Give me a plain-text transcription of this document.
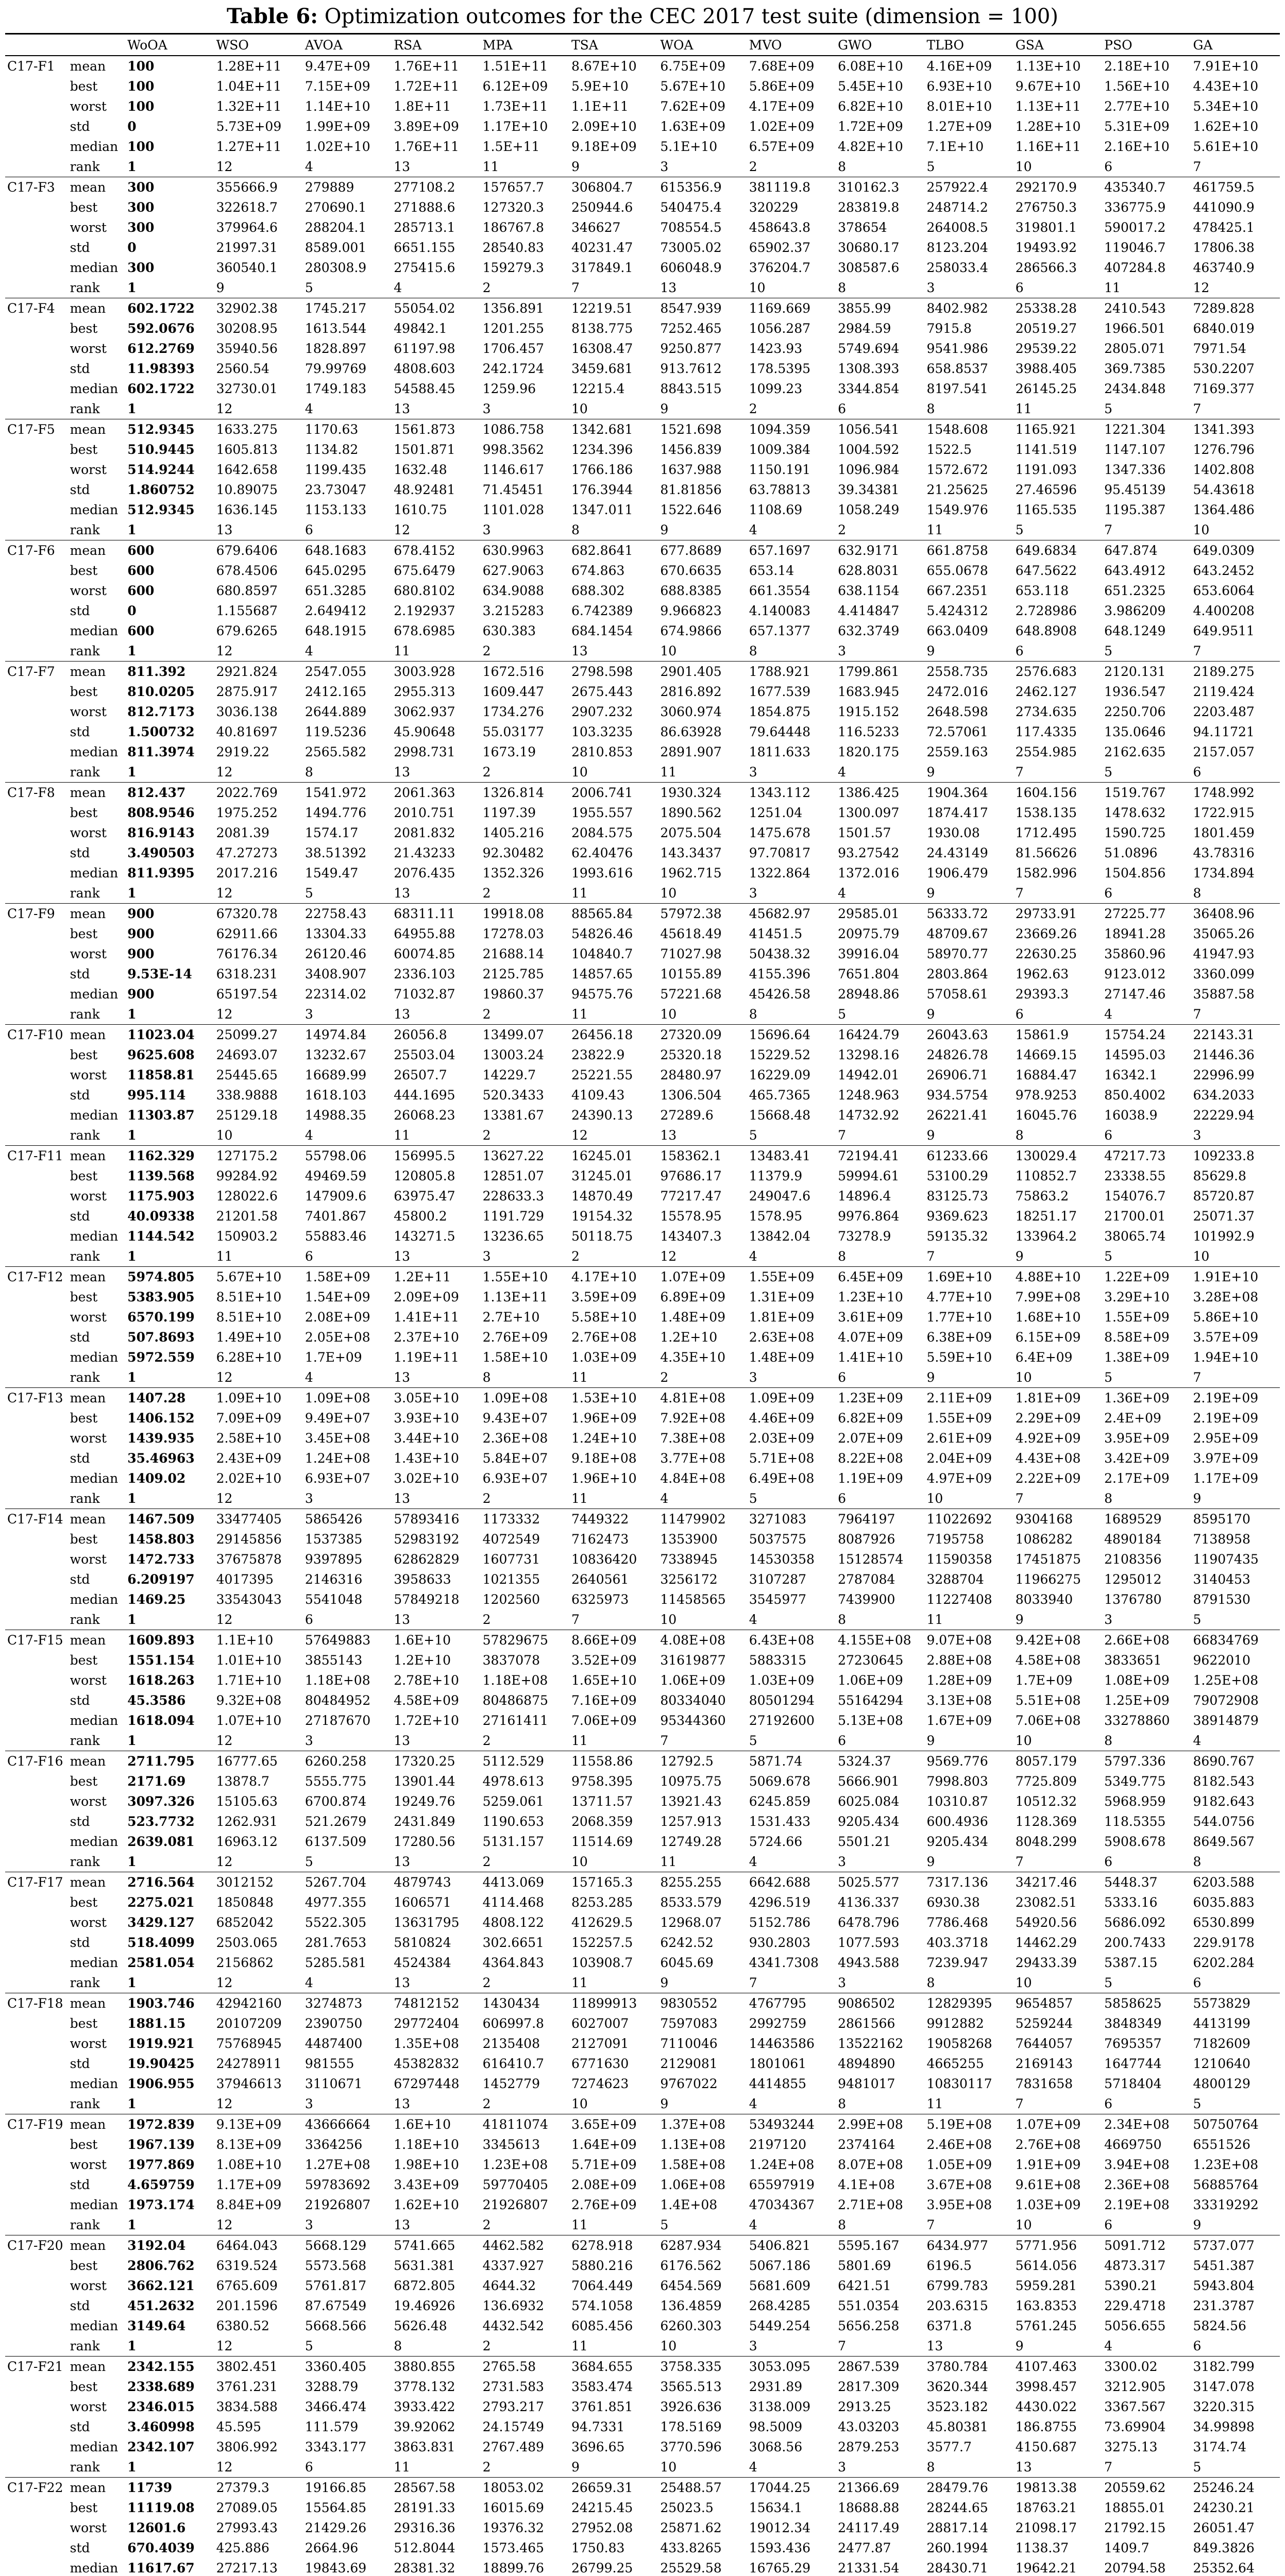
Table 6: Optimization outcomes for the CEC 2017 test suite (dimension = 100)
		WoOA	WSO	AVOA	RSA	MPA	TSA	WOA	MVO	GWO	TLBO	GSA	PSO	GA
C17-F1	mean	100	1.28E+11	9.47E+09	1.76E+11	1.51E+11	8.67E+10	6.75E+09	7.68E+09	6.08E+10	4.16E+09	1.13E+10	2.18E+10	7.91E+10
	best	100	1.04E+11	7.15E+09	1.72E+11	6.12E+09	5.9E+10	5.67E+10	5.86E+09	5.45E+10	6.93E+10	9.67E+10	1.56E+10	4.43E+10
	worst	100	1.32E+11	1.14E+10	1.8E+11	1.73E+11	1.1E+11	7.62E+09	4.17E+09	6.82E+10	8.01E+10	1.13E+11	2.77E+10	5.34E+10
	std	0	5.73E+09	1.99E+09	3.89E+09	1.17E+10	2.09E+10	1.63E+09	1.02E+09	1.72E+09	1.27E+09	1.28E+10	5.31E+09	1.62E+10
	median	100	1.27E+11	1.02E+10	1.76E+11	1.5E+11	9.18E+09	5.1E+10	6.57E+09	4.82E+10	7.1E+10	1.16E+11	2.16E+10	5.61E+10
	rank	1	12	4	13	11	9	3	2	8	5	10	6	7
C17-F3	mean	300	355666.9	279889	277108.2	157657.7	306804.7	615356.9	381119.8	310162.3	257922.4	292170.9	435340.7	461759.5
	best	300	322618.7	270690.1	271888.6	127320.3	250944.6	540475.4	320229	283819.8	248714.2	276750.3	336775.9	441090.9
	worst	300	379964.6	288204.1	285713.1	186767.8	346627	708554.5	458643.8	378654	264008.5	319801.1	590017.2	478425.1
	std	0	21997.31	8589.001	6651.155	28540.83	40231.47	73005.02	65902.37	30680.17	8123.204	19493.92	119046.7	17806.38
	median	300	360540.1	280308.9	275415.6	159279.3	317849.1	606048.9	376204.7	308587.6	258033.4	286566.3	407284.8	463740.9
	rank	1	9	5	4	2	7	13	10	8	3	6	11	12
C17-F4	mean	602.1722	32902.38	1745.217	55054.02	1356.891	12219.51	8547.939	1169.669	3855.99	8402.982	25338.28	2410.543	7289.828
	best	592.0676	30208.95	1613.544	49842.1	1201.255	8138.775	7252.465	1056.287	2984.59	7915.8	20519.27	1966.501	6840.019
	worst	612.2769	35940.56	1828.897	61197.98	1706.457	16308.47	9250.877	1423.93	5749.694	9541.986	29539.22	2805.071	7971.54
	std	11.98393	2560.54	79.99769	4808.603	242.1724	3459.681	913.7612	178.5395	1308.393	658.8537	3988.405	369.7385	530.2207
	median	602.1722	32730.01	1749.183	54588.45	1259.96	12215.4	8843.515	1099.23	3344.854	8197.541	26145.25	2434.848	7169.377
	rank	1	12	4	13	3	10	9	2	6	8	11	5	7
C17-F5	mean	512.9345	1633.275	1170.63	1561.873	1086.758	1342.681	1521.698	1094.359	1056.541	1548.608	1165.921	1221.304	1341.393
	best	510.9445	1605.813	1134.82	1501.871	998.3562	1234.396	1456.839	1009.384	1004.592	1522.5	1141.519	1147.107	1276.796
	worst	514.9244	1642.658	1199.435	1632.48	1146.617	1766.186	1637.988	1150.191	1096.984	1572.672	1191.093	1347.336	1402.808
	std	1.860752	10.89075	23.73047	48.92481	71.45451	176.3944	81.81856	63.78813	39.34381	21.25625	27.46596	95.45139	54.43618
	median	512.9345	1636.145	1153.133	1610.75	1101.028	1347.011	1522.646	1108.69	1058.249	1549.976	1165.535	1195.387	1364.486
	rank	1	13	6	12	3	8	9	4	2	11	5	7	10
C17-F6	mean	600	679.6406	648.1683	678.4152	630.9963	682.8641	677.8689	657.1697	632.9171	661.8758	649.6834	647.874	649.0309
	best	600	678.4506	645.0295	675.6479	627.9063	674.863	670.6635	653.14	628.8031	655.0678	647.5622	643.4912	643.2452
	worst	600	680.8597	651.3285	680.8102	634.9088	688.302	688.8385	661.3554	638.1154	667.2351	653.118	651.2325	653.6064
	std	0	1.155687	2.649412	2.192937	3.215283	6.742389	9.966823	4.140083	4.414847	5.424312	2.728986	3.986209	4.400208
	median	600	679.6265	648.1915	678.6985	630.383	684.1454	674.9866	657.1377	632.3749	663.0409	648.8908	648.1249	649.9511
	rank	1	12	4	11	2	13	10	8	3	9	6	5	7
C17-F7	mean	811.392	2921.824	2547.055	3003.928	1672.516	2798.598	2901.405	1788.921	1799.861	2558.735	2576.683	2120.131	2189.275
	best	810.0205	2875.917	2412.165	2955.313	1609.447	2675.443	2816.892	1677.539	1683.945	2472.016	2462.127	1936.547	2119.424
	worst	812.7173	3036.138	2644.889	3062.937	1734.276	2907.232	3060.974	1854.875	1915.152	2648.598	2734.635	2250.706	2203.487
	std	1.500732	40.81697	119.5236	45.90648	55.03177	103.3235	86.63928	79.64448	116.5233	72.57061	117.4335	135.0646	94.11721
	median	811.3974	2919.22	2565.582	2998.731	1673.19	2810.853	2891.907	1811.633	1820.175	2559.163	2554.985	2162.635	2157.057
	rank	1	12	8	13	2	10	11	3	4	9	7	5	6
C17-F8	mean	812.437	2022.769	1541.972	2061.363	1326.814	2006.741	1930.324	1343.112	1386.425	1904.364	1604.156	1519.767	1748.992
	best	808.9546	1975.252	1494.776	2010.751	1197.39	1955.557	1890.562	1251.04	1300.097	1874.417	1538.135	1478.632	1722.915
	worst	816.9143	2081.39	1574.17	2081.832	1405.216	2084.575	2075.504	1475.678	1501.57	1930.08	1712.495	1590.725	1801.459
	std	3.490503	47.27273	38.51392	21.43233	92.30482	62.40476	143.3437	97.70817	93.27542	24.43149	81.56626	51.0896	43.78316
	median	811.9395	2017.216	1549.47	2076.435	1352.326	1993.616	1962.715	1322.864	1372.016	1906.479	1582.996	1504.856	1734.894
	rank	1	12	5	13	2	11	10	3	4	9	7	6	8
C17-F9	mean	900	67320.78	22758.43	68311.11	19918.08	88565.84	57972.38	45682.97	29585.01	56333.72	29733.91	27225.77	36408.96
	best	900	62911.66	13304.33	64955.88	17278.03	54826.46	45618.49	41451.5	20975.79	48709.67	23669.26	18941.28	35065.26
	worst	900	76176.34	26120.46	60074.85	21688.14	104840.7	71027.98	50438.32	39916.04	58970.77	22630.25	35860.96	41947.93
	std	9.53E-14	6318.231	3408.907	2336.103	2125.785	14857.65	10155.89	4155.396	7651.804	2803.864	1962.63	9123.012	3360.099
	median	900	65197.54	22314.02	71032.87	19860.37	94575.76	57221.68	45426.58	28948.86	57058.61	29393.3	27147.46	35887.58
	rank	1	12	3	13	2	11	10	8	5	9	6	4	7
C17-F10	mean	11023.04	25099.27	14974.84	26056.8	13499.07	26456.18	27320.09	15696.64	16424.79	26043.63	15861.9	15754.24	22143.31
	best	9625.608	24693.07	13232.67	25503.04	13003.24	23822.9	25320.18	15229.52	13298.16	24826.78	14669.15	14595.03	21446.36
	worst	11858.81	25445.65	16689.99	26507.7	14229.7	25221.55	28480.97	16229.09	14942.01	26906.71	16884.47	16342.1	22996.99
	std	995.114	338.9888	1618.103	444.1695	520.3433	4109.43	1306.504	465.7365	1248.963	934.5754	978.9253	850.4002	634.2033
	median	11303.87	25129.18	14988.35	26068.23	13381.67	24390.13	27289.6	15668.48	14732.92	26221.41	16045.76	16038.9	22229.94
	rank	1	10	4	11	2	12	13	5	7	9	8	6	3
C17-F11	mean	1162.329	127175.2	55798.06	156995.5	13627.22	16245.01	158362.1	13483.41	72194.41	61233.66	130029.4	47217.73	109233.8
	best	1139.568	99284.92	49469.59	120805.8	12851.07	31245.01	97686.17	11379.9	59994.61	53100.29	110852.7	23338.55	85629.8
	worst	1175.903	128022.6	147909.6	63975.47	228633.3	14870.49	77217.47	249047.6	14896.4	83125.73	75863.2	154076.7	85720.87
	std	40.09338	21201.58	7401.867	45800.2	1191.729	19154.32	15578.95	1578.95	9976.864	9369.623	18251.17	21700.01	25071.37
	median	1144.542	150903.2	55883.46	143271.5	13236.65	50118.75	143407.3	13842.04	73278.9	59135.32	133964.2	38065.74	101992.9
	rank	1	11	6	13	3	2	12	4	8	7	9	5	10
C17-F12	mean	5974.805	5.67E+10	1.58E+09	1.2E+11	1.55E+10	4.17E+10	1.07E+09	1.55E+09	6.45E+09	1.69E+10	4.88E+10	1.22E+09	1.91E+10
	best	5383.905	8.51E+10	1.54E+09	2.09E+09	1.13E+11	3.59E+09	6.89E+09	1.31E+09	1.23E+10	4.77E+10	7.99E+08	3.29E+10	3.28E+08
	worst	6570.199	8.51E+10	2.08E+09	1.41E+11	2.7E+10	5.58E+10	1.48E+09	1.81E+09	3.61E+09	1.77E+10	1.68E+10	1.55E+09	5.86E+10
	std	507.8693	1.49E+10	2.05E+08	2.37E+10	2.76E+09	2.76E+08	1.2E+10	2.63E+08	4.07E+09	6.38E+09	6.15E+09	8.58E+09	3.57E+09
	median	5972.559	6.28E+10	1.7E+09	1.19E+11	1.58E+10	1.03E+09	4.35E+10	1.48E+09	1.41E+10	5.59E+10	6.4E+09	1.38E+09	1.94E+10
	rank	1	12	4	13	8	11	2	3	6	9	10	5	7
C17-F13	mean	1407.28	1.09E+10	1.09E+08	3.05E+10	1.09E+08	1.53E+10	4.81E+08	1.09E+09	1.23E+09	2.11E+09	1.81E+09	1.36E+09	2.19E+09
	best	1406.152	7.09E+09	9.49E+07	3.93E+10	9.43E+07	1.96E+09	7.92E+08	4.46E+09	6.82E+09	1.55E+09	2.29E+09	2.4E+09	2.19E+09
	worst	1439.935	2.58E+10	3.45E+08	3.44E+10	2.36E+08	1.24E+10	7.38E+08	2.03E+09	2.07E+09	2.61E+09	4.92E+09	3.95E+09	2.95E+09
	std	35.46963	2.43E+09	1.24E+08	1.43E+10	5.84E+07	9.18E+08	3.77E+08	5.71E+08	8.22E+08	2.04E+09	4.43E+08	3.42E+09	3.97E+09
	median	1409.02	2.02E+10	6.93E+07	3.02E+10	6.93E+07	1.96E+10	4.84E+08	6.49E+08	1.19E+09	4.97E+09	2.22E+09	2.17E+09	1.17E+09
	rank	1	12	3	13	2	11	4	5	6	10	7	8	9
C17-F14	mean	1467.509	33477405	5865426	57893416	1173332	7449322	11479902	3271083	7964197	11022692	9304168	1689529	8595170
	best	1458.803	29145856	1537385	52983192	4072549	7162473	1353900	5037575	8087926	7195758	1086282	4890184	7138958
	worst	1472.733	37675878	9397895	62862829	1607731	10836420	7338945	14530358	15128574	11590358	17451875	2108356	11907435
	std	6.209197	4017395	2146316	3958633	1021355	2640561	3256172	3107287	2787084	3288704	11966275	1295012	3140453
	median	1469.25	33543043	5541048	57849218	1202560	6325973	11458565	3545977	7439900	11227408	8033940	1376780	8791530
	rank	1	12	6	13	2	7	10	4	8	11	9	3	5
C17-F15	mean	1609.893	1.1E+10	57649883	1.6E+10	57829675	8.66E+09	4.08E+08	6.43E+08	4.155E+08	9.07E+08	9.42E+08	2.66E+08	66834769
	best	1551.154	1.01E+10	3855143	1.2E+10	3837078	3.52E+09	31619877	5883315	27230645	2.88E+08	4.58E+08	3833651	9622010
	worst	1618.263	1.71E+10	1.18E+08	2.78E+10	1.18E+08	1.65E+10	1.06E+09	1.03E+09	1.06E+09	1.28E+09	1.7E+09	1.08E+09	1.25E+08
	std	45.3586	9.32E+08	80484952	4.58E+09	80486875	7.16E+09	80334040	80501294	55164294	3.13E+08	5.51E+08	1.25E+09	79072908
	median	1618.094	1.07E+10	27187670	1.72E+10	27161411	7.06E+09	95344360	27192600	5.13E+08	1.67E+09	7.06E+08	33278860	38914879
	rank	1	12	3	13	2	11	7	5	6	9	10	8	4
C17-F16	mean	2711.795	16777.65	6260.258	17320.25	5112.529	11558.86	12792.5	5871.74	5324.37	9569.776	8057.179	5797.336	8690.767
	best	2171.69	13878.7	5555.775	13901.44	4978.613	9758.395	10975.75	5069.678	5666.901	7998.803	7725.809	5349.775	8182.543
	worst	3097.326	15105.63	6700.874	19249.76	5259.061	13711.57	13921.43	6245.859	6025.084	10310.87	10512.32	5968.959	9182.643
	std	523.7732	1262.931	521.2679	2431.849	1190.653	2068.359	1257.913	1531.433	9205.434	600.4936	1128.369	118.5355	544.0756
	median	2639.081	16963.12	6137.509	17280.56	5131.157	11514.69	12749.28	5724.66	5501.21	9205.434	8048.299	5908.678	8649.567
	rank	1	12	5	13	2	10	11	4	3	9	7	6	8
C17-F17	mean	2716.564	3012152	5267.704	4879743	4413.069	157165.3	8255.255	6642.688	5025.577	7317.136	34217.46	5448.37	6203.588
	best	2275.021	1850848	4977.355	1606571	4114.468	8253.285	8533.579	4296.519	4136.337	6930.38	23082.51	5333.16	6035.883
	worst	3429.127	6852042	5522.305	13631795	4808.122	412629.5	12968.07	5152.786	6478.796	7786.468	54920.56	5686.092	6530.899
	std	518.4099	2503.065	281.7653	5810824	302.6651	152257.5	6242.52	930.2803	1077.593	403.3718	14462.29	200.7433	229.9178
	median	2581.054	2156862	5285.581	4524384	4364.843	103908.7	6045.69	4341.7308	4943.588	7239.947	29433.39	5387.15	6202.284
	rank	1	12	4	13	2	11	9	7	3	8	10	5	6
C17-F18	mean	1903.746	42942160	3274873	74812152	1430434	11899913	9830552	4767795	9086502	12829395	9654857	5858625	5573829
	best	1881.15	20107209	2390750	29772404	606997.8	6027007	7597083	2992759	2861566	9912882	5259244	3848349	4413199
	worst	1919.921	75768945	4487400	1.35E+08	2135408	2127091	7110046	14463586	13522162	19058268	7644057	7695357	7182609
	std	19.90425	24278911	981555	45382832	616410.7	6771630	2129081	1801061	4894890	4665255	2169143	1647744	1210640
	median	1906.955	37946613	3110671	67297448	1452779	7274623	9767022	4414855	9481017	10830117	7831658	5718404	4800129
	rank	1	12	3	13	2	10	9	4	8	11	7	6	5
C17-F19	mean	1972.839	9.13E+09	43666664	1.6E+10	41811074	3.65E+09	1.37E+08	53493244	2.99E+08	5.19E+08	1.07E+09	2.34E+08	50750764
	best	1967.139	8.13E+09	3364256	1.18E+10	3345613	1.64E+09	1.13E+08	2197120	2374164	2.46E+08	2.76E+08	4669750	6551526
	worst	1977.869	1.08E+10	1.27E+08	1.98E+10	1.23E+08	5.71E+09	1.58E+08	1.24E+08	8.07E+08	1.05E+09	1.91E+09	3.94E+08	1.23E+08
	std	4.659759	1.17E+09	59783692	3.43E+09	59770405	2.08E+09	1.06E+08	65597919	4.1E+08	3.67E+08	9.61E+08	2.36E+08	56885764
	median	1973.174	8.84E+09	21926807	1.62E+10	21926807	2.76E+09	1.4E+08	47034367	2.71E+08	3.95E+08	1.03E+09	2.19E+08	33319292
	rank	1	12	3	13	2	11	5	4	8	7	10	6	9
C17-F20	mean	3192.04	6464.043	5668.129	5741.665	4462.582	6278.918	6287.934	5406.821	5595.167	6434.977	5771.956	5091.712	5737.077
	best	2806.762	6319.524	5573.568	5631.381	4337.927	5880.216	6176.562	5067.186	5801.69	6196.5	5614.056	4873.317	5451.387
	worst	3662.121	6765.609	5761.817	6872.805	4644.32	7064.449	6454.569	5681.609	6421.51	6799.783	5959.281	5390.21	5943.804
	std	451.2632	201.1596	87.67549	19.46926	136.6932	574.1058	136.4859	268.4285	551.0354	203.6315	163.8353	229.4718	231.3787
	median	3149.64	6380.52	5668.566	5626.48	4432.542	6085.456	6260.303	5449.254	5656.258	6371.8	5761.245	5056.655	5824.56
	rank	1	12	5	8	2	11	10	3	7	13	9	4	6
C17-F21	mean	2342.155	3802.451	3360.405	3880.855	2765.58	3684.655	3758.335	3053.095	2867.539	3780.784	4107.463	3300.02	3182.799
	best	2338.689	3761.231	3288.79	3778.132	2731.583	3583.474	3565.513	2931.89	2817.309	3620.344	3998.457	3212.905	3147.078
	worst	2346.015	3834.588	3466.474	3933.422	2793.217	3761.851	3926.636	3138.009	2913.25	3523.182	4430.022	3367.567	3220.315
	std	3.460998	45.595	111.579	39.92062	24.15749	94.7331	178.5169	98.5009	43.03203	45.80381	186.8755	73.69904	34.99898
	median	2342.107	3806.992	3343.177	3863.831	2767.489	3696.65	3770.596	3068.56	2879.253	3577.7	4150.687	3275.13	3174.74
	rank	1	12	6	11	2	9	10	4	3	8	13	7	5
C17-F22	mean	11739	27379.3	19166.85	28567.58	18053.02	26659.31	25488.57	17044.25	21366.69	28479.76	19813.38	20559.62	25246.24
	best	11119.08	27089.05	15564.85	28191.33	16015.69	24215.45	25023.5	15634.1	18688.88	28244.65	18763.21	18855.01	24230.21
	worst	12601.6	27993.43	21429.26	29316.36	19376.32	27952.08	25871.62	19012.34	24117.49	28817.14	21098.17	21792.15	26051.47
	std	670.4039	425.886	2664.96	512.8044	1573.465	1750.83	433.8265	1593.436	2477.87	260.1994	1138.37	1409.7	849.3826
	median	11617.67	27217.13	19843.69	28381.32	18899.76	26799.25	25529.58	16765.29	21331.54	28430.71	19642.21	20794.58	25352.64
